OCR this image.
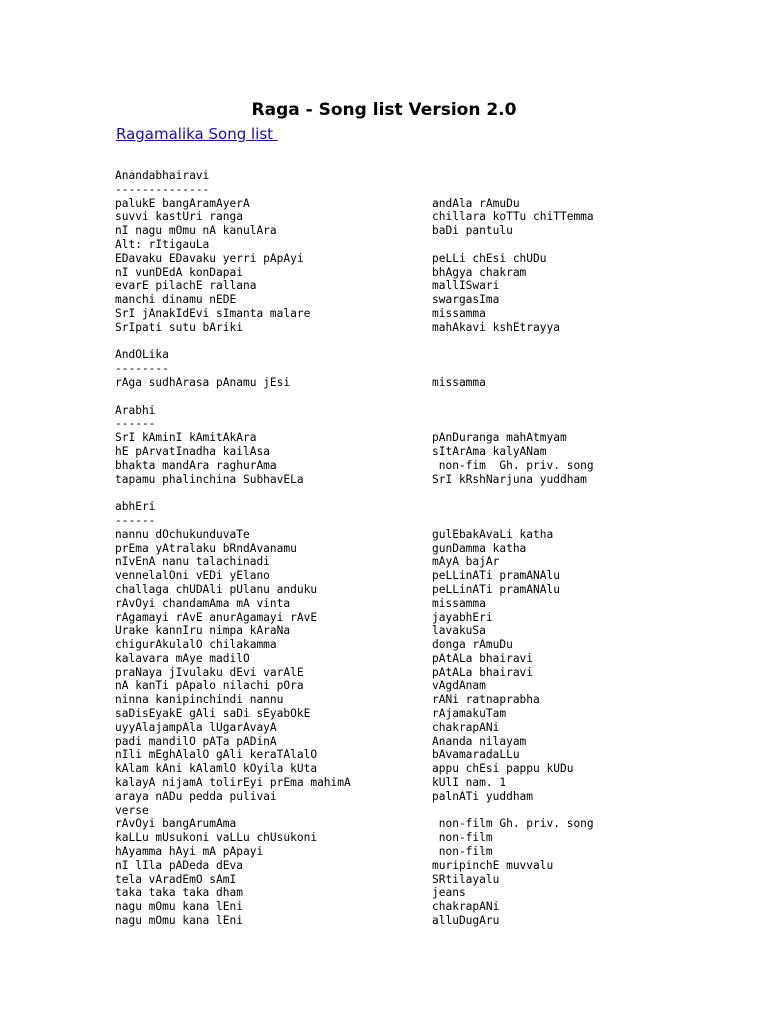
Raga - Song list Version 2.0
Ragamalika Song list
Anandabhairavi
--------------
palukE bangAramAyerA	andAla rAmuDu
suvvi kastUri ranga	chillara koTTu chiTTemma
nI nagu mOmu nA kanulAra	baDi pantulu
Alt: rItigauLa
EDavaku EDavaku yerri pApAyi	peLLi chEsi chUDu
nI vunDEdA konDapai	bhAgya chakram
evarE pilachE rallana	mallISwari
manchi dinamu nEDE	swargasIma
SrI jAnakIdEvi sImanta malare	missamma
SrIpati sutu bAriki	mahAkavi kshEtrayya
AndOLika
--------
rAga sudhArasa pAnamu jEsi	missamma
Arabhi
------
SrI kAminI kAmitAkAra	pAnDuranga mahAtmyam
hE pArvatInadha kailAsa	sItArAma kalyANam
bhakta mandAra raghurAma	non-fim  Gh. priv. song
tapamu phalinchina SubhavELa	SrI kRshNarjuna yuddham
abhEri
------
nannu dOchukunduvaTe	gulEbakAvaLi katha
prEma yAtralaku bRndAvanamu	gunDamma katha
nIvEnA nanu talachinadi	mAyA bajAr
vennelalOni vEDi yElano	peLLinATi pramANAlu
challaga chUDAli pUlanu anduku	peLLinATi pramANAlu
rAvOyi chandamAma mA vinta	missamma
rAgamayi rAvE anurAgamayi rAvE	jayabhEri
Urake kannIru nimpa kAraNa	lavakuSa
chigurAkulalO chilakamma	donga rAmuDu
kalavara mAye madilO	pAtALa bhairavi
praNaya jIvulaku dEvi varAlE	pAtALa bhairavi
nA kanTi pApalo nilachi pOra	vAgdAnam
ninna kanipinchindi nannu	rANi ratnaprabha
saDisEyakE gAli saDi sEyabOkE	rAjamakuTam
uyyAlajampAla lUgarAvayA	chakrapANi
padi mandilO pATa pADinA	Ananda nilayam
nIli mEghAlalO gAli keraTAlalO	bAvamaradaLLu
kAlam kAni kAlamlO kOyila kUta	appu chEsi pappu kUDu
kalayA nijamA tolirEyi prEma mahimA	kUlI nam. 1
araya nADu pedda pulivai	palnATi yuddham
verse
rAvOyi bangArumAma	non-film Gh. priv. song
kaLLu mUsukoni vaLLu chUsukoni	non-film
hAyamma hAyi mA pApayi	non-film
nI lIla pADeda dEva	muripinchE muvvalu
tela vAradEmO sAmI	SRtilayalu
taka taka taka dham	jeans
nagu mOmu kana lEni	chakrapANi
nagu mOmu kana lEni	alluDugAru
